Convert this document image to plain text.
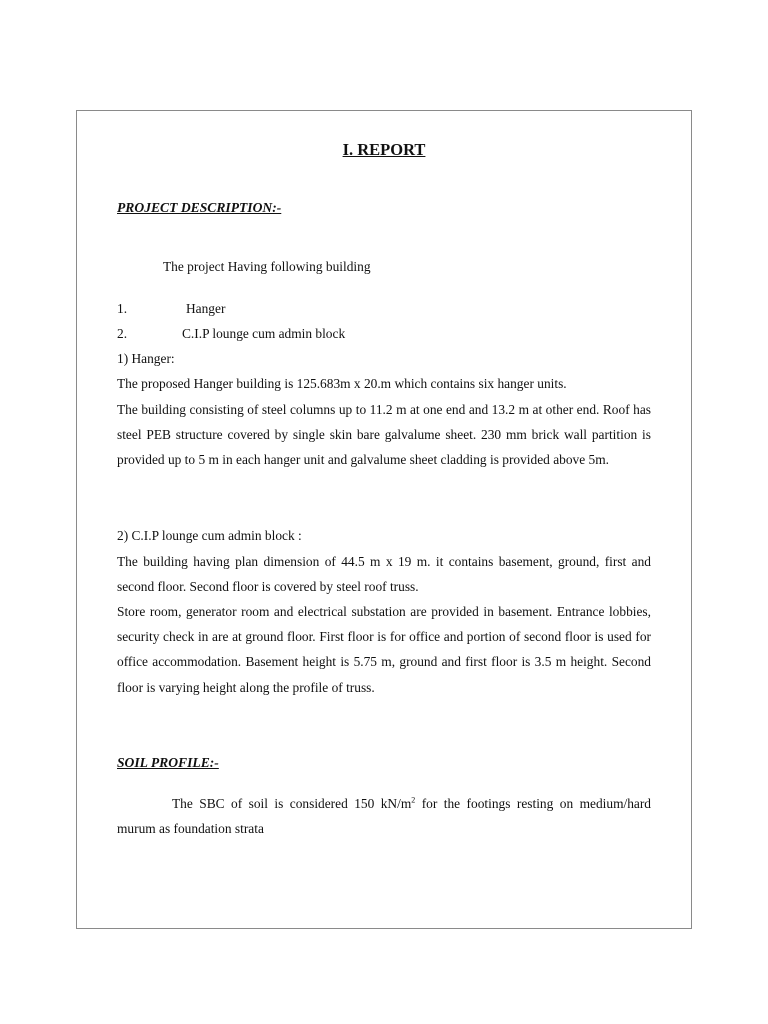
I. REPORT
PROJECT DESCRIPTION:-
The project Having following building
1.	Hanger
2.	C.I.P lounge cum admin block
1) Hanger:
The proposed Hanger building is 125.683m x 20.m which contains six hanger units.
The building consisting of steel columns up to 11.2 m at one end and 13.2 m at other end. Roof has steel PEB structure covered by single skin bare galvalume sheet. 230 mm brick wall partition is provided up to 5 m in each hanger unit and galvalume sheet cladding is provided above 5m.
2) C.I.P lounge cum admin block :
The building having plan dimension of 44.5 m x 19 m. it contains basement, ground, first and second floor. Second floor is covered by steel roof truss.
Store room, generator room and electrical substation are provided in basement. Entrance lobbies, security check in are at ground floor. First floor is for office and portion of second floor is used for office accommodation. Basement height is 5.75 m, ground and first floor is 3.5 m height. Second floor is varying height along the profile of truss.
SOIL PROFILE:-
The SBC of soil is considered 150 $kN/m^2$ for the footings resting on medium/hard murum as foundation strata
